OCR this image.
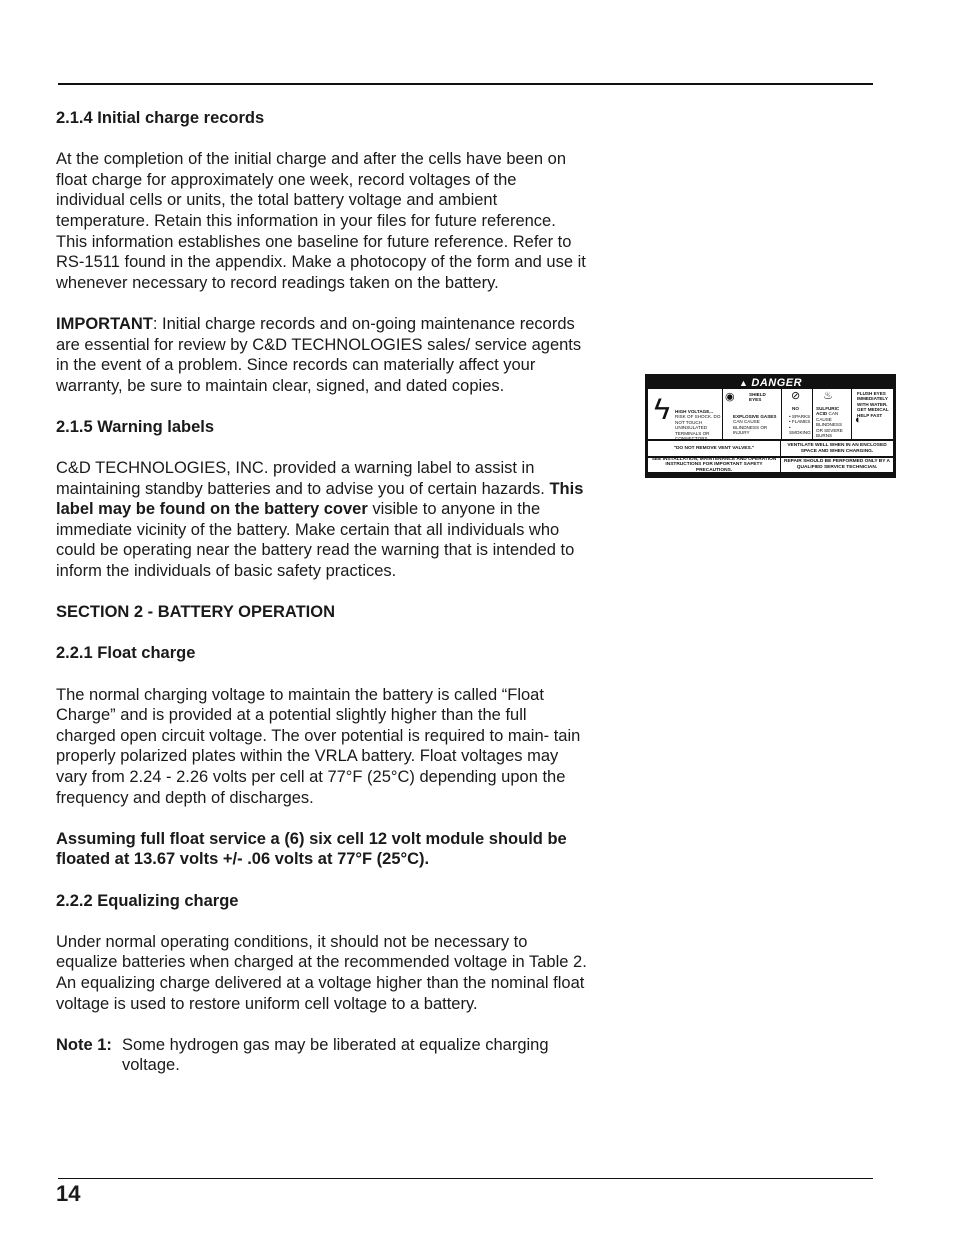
2.1.4 Initial charge records

At the completion of the initial charge and after the cells have been on float charge for approximately one week, record voltages of the individual cells or units, the total battery voltage and ambient temperature. Retain this information in your files for future reference. This information establishes one baseline for future reference. Refer to RS-1511 found in the appendix. Make a photocopy of the form and use it whenever necessary to record readings taken on the battery.

IMPORTANT: Initial charge records and on-going maintenance records are essential for review by C&D TECHNOLOGIES sales/ service agents in the event of a problem. Since records can materially affect your warranty, be sure to maintain clear, signed, and dated copies.

2.1.5 Warning labels

C&D TECHNOLOGIES, INC. provided a warning label to assist in maintaining standby batteries and to advise you of certain hazards. This label may be found on the battery cover visible to anyone in the immediate vicinity of the battery. Make certain that all individuals who could be operating near the battery read the warning that is intended to inform the individuals of basic safety practices.

SECTION 2 - BATTERY OPERATION
2.2.1 Float charge

The normal charging voltage to maintain the battery is called “Float Charge” and is provided at a potential slightly higher than the full charged open circuit voltage. The over potential is required to main- tain properly polarized plates within the VRLA battery. Float voltages may vary from 2.24 - 2.26 volts per cell at 77°F (25°C) depending upon the frequency and depth of discharges.

Assuming full float service a (6) six cell 12 volt module should be floated at 13.67 volts +/- .06 volts at 77°F (25°C).

2.2.2 Equalizing charge

Under normal operating conditions, it should not be necessary to equalize batteries when charged at the recommended voltage in Table 2. An equalizing charge delivered at a voltage higher than the nominal float voltage is used to restore uniform cell voltage to a battery.

Note 1: Some hydrogen gas may be liberated at equalize charging voltage.
▲ DANGER
ϟ HIGH VOLTAGE...
RISK OF SHOCK. DO NOT TOUCH UNINSULATED TERMINALS OR CONNECTORS
◉	SHIELD EYES
EXPLOSIVE GASES CAN CAUSE BLINDNESS OR INJURY
⊘
NO
• SPARKS • FLAMES • SMOKING
♨
SULFURIC ACID CAN CAUSE BLINDNESS OR SEVERE BURNS
◐
FLUSH EYES IMMEDIATELY WITH WATER. GET MEDICAL HELP FAST
"DO NOT REMOVE VENT VALVES."
VENTILATE WELL WHEN IN AN ENCLOSED SPACE AND WHEN CHARGING.
SEE INSTALLATION, MAINTENANCE AND OPERATION INSTRUCTIONS FOR IMPORTANT SAFETY PRECAUTIONS.
REPAIR SHOULD BE PERFORMED ONLY BY A QUALIFIED SERVICE TECHNICIAN.
14
